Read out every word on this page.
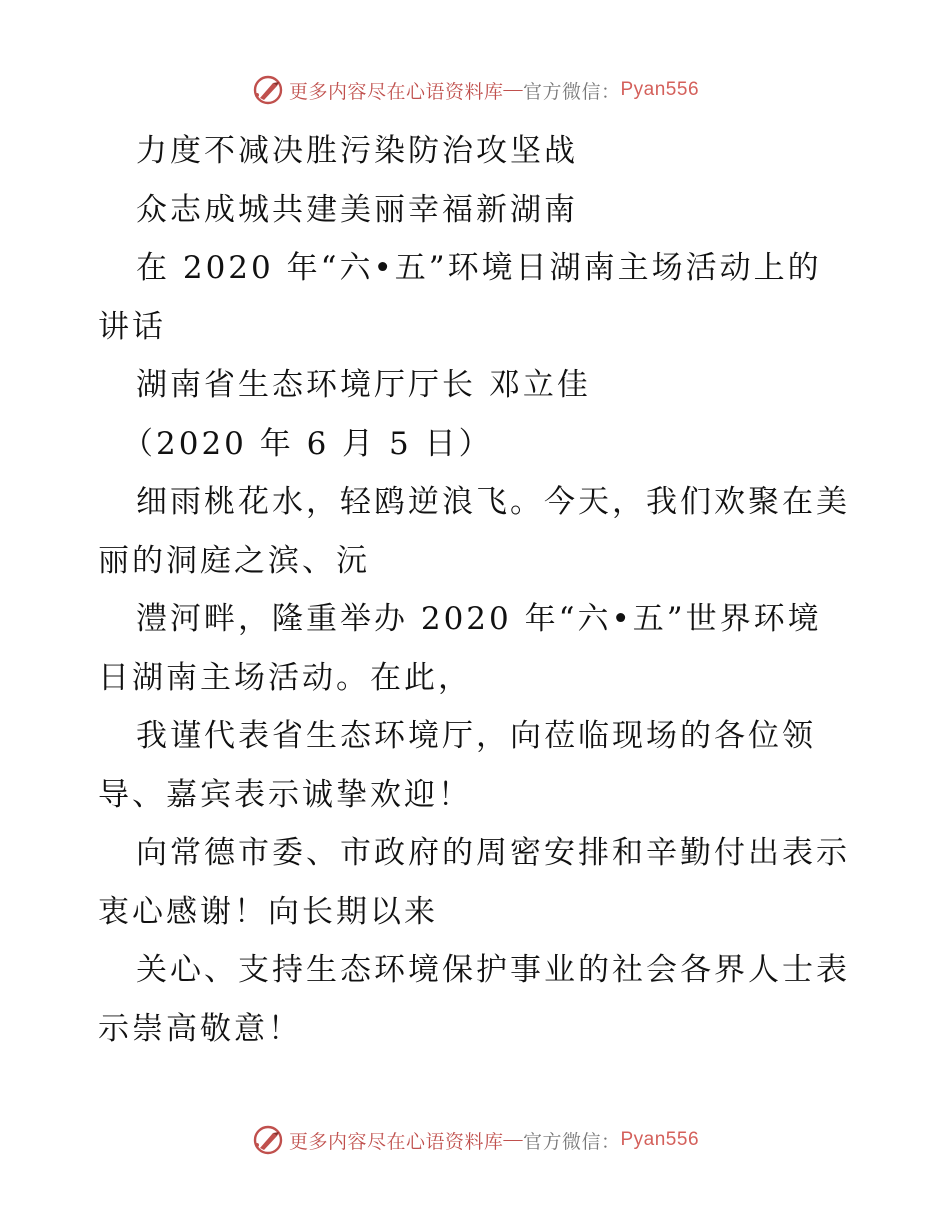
更多内容尽在心语资料库 — 官方微信： Pyan556
力度不减决胜污染防治攻坚战
众志成城共建美丽幸福新湖南
在 2020 年“六•五”环境日湖南主场活动上的
讲话
湖南省生态环境厅厅长 邓立佳
（2020 年 6 月 5 日）
细雨桃花水，轻鸥逆浪飞。今天，我们欢聚在美
丽的洞庭之滨、沅
澧河畔，隆重举办 2020 年“六•五”世界环境
日湖南主场活动。在此，
我谨代表省生态环境厅，向莅临现场的各位领
导、嘉宾表示诚挚欢迎！
向常德市委、市政府的周密安排和辛勤付出表示
衷心感谢！向长期以来
关心、支持生态环境保护事业的社会各界人士表
示崇高敬意！
更多内容尽在心语资料库 — 官方微信： Pyan556
